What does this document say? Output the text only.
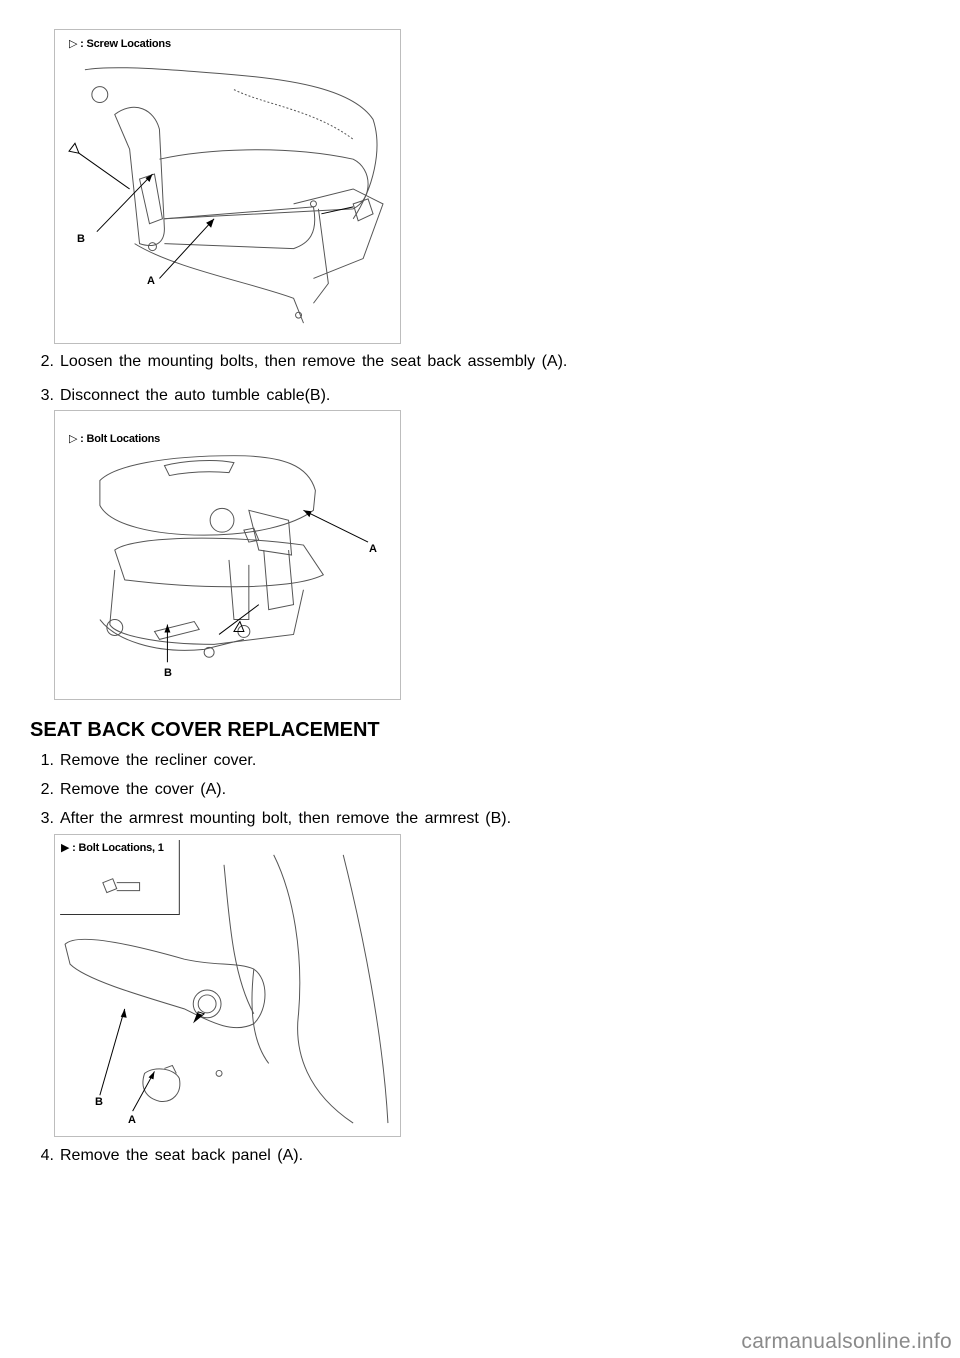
▷ : Screw Locations
B
A
2. Loosen the mounting bolts, then remove the seat back assembly (A).
3. Disconnect the auto tumble cable(B).
▷ : Bolt Locations
A
B
SEAT BACK COVER REPLACEMENT
1. Remove the recliner cover.
2. Remove the cover (A).
3. After the armrest mounting bolt, then remove the armrest (B).
▶ : Bolt Locations, 1
B
A
4. Remove the seat back panel (A).
carmanualsonline.info
